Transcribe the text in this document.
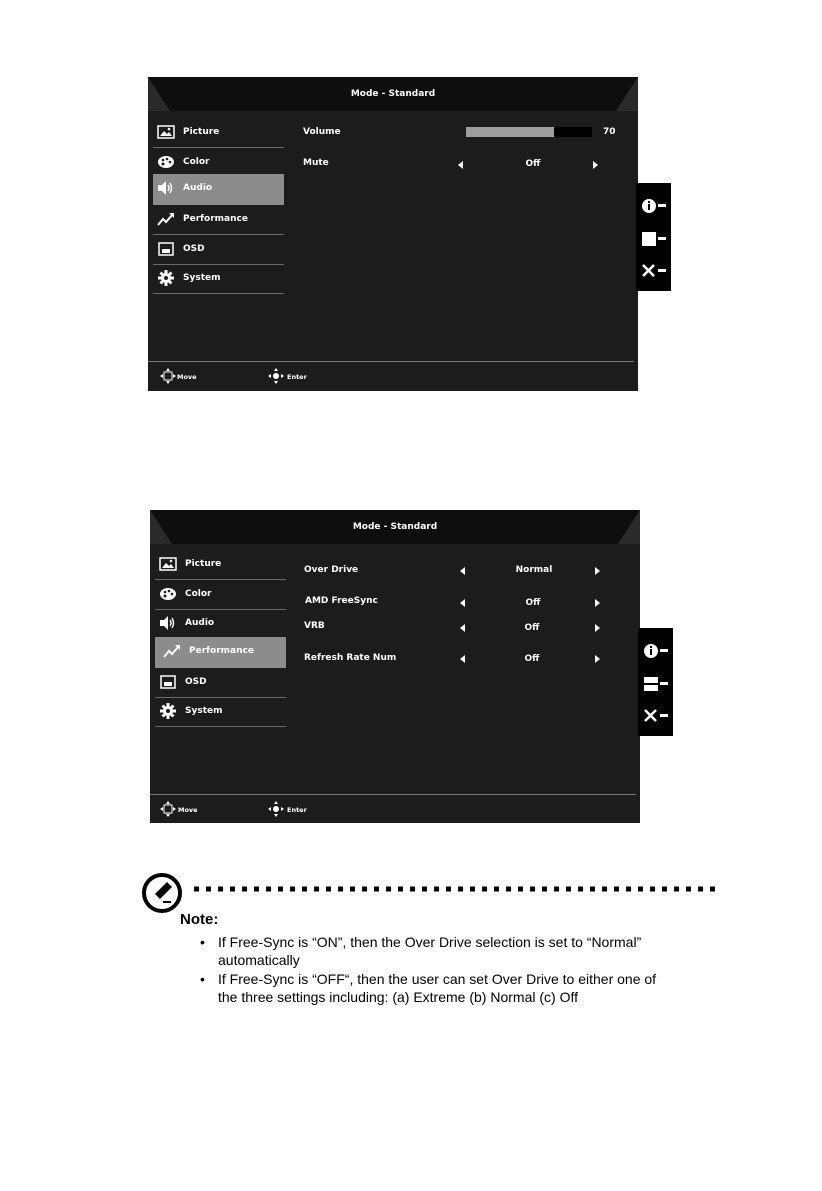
Mode - Standard
Picture
Color
Audio
Performance
OSD
System
Volume	70
Mute	Off
Move	Enter
Mode - Standard
Picture
Color
Audio
Performance
OSD
System
Over Drive	Normal
AMD FreeSync	Off
VRB	Off
Refresh Rate Num	Off
Move	Enter
Note:
• If Free-Sync is “ON”, then the Over Drive selection is set to “Normal” automatically
• If Free-Sync is “OFF“, then the user can set Over Drive to either one of the three settings including: (a) Extreme (b) Normal (c) Off
